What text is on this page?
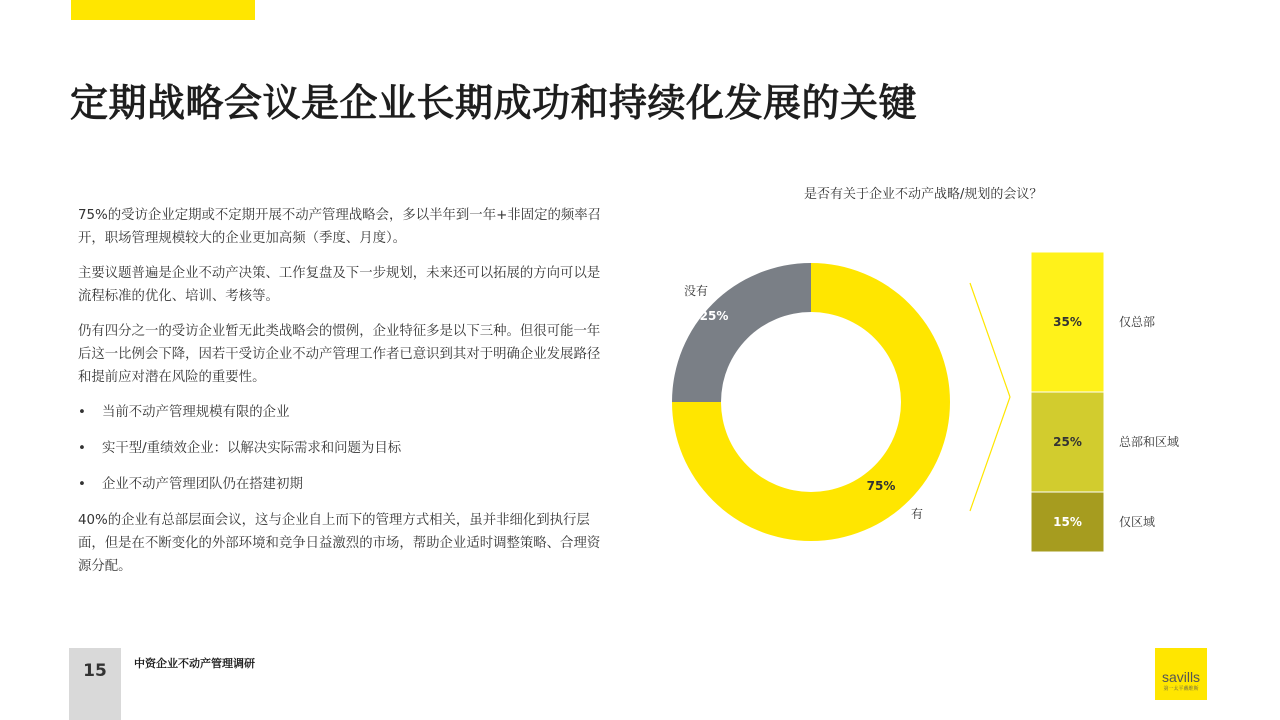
定期战略会议是企业长期成功和持续化发展的关键

75%的受访企业定期或不定期开展不动产管理战略会，多以半年到一年+非固定的频率召开，职场管理规模较大的企业更加高频（季度、月度）。

主要议题普遍是企业不动产决策、工作复盘及下一步规划，未来还可以拓展的方向可以是流程标准的优化、培训、考核等。

仍有四分之一的受访企业暂无此类战略会的惯例，企业特征多是以下三种。但很可能一年后这一比例会下降，因若干受访企业不动产管理工作者已意识到其对于明确企业发展路径和提前应对潜在风险的重要性。

•	当前不动产管理规模有限的企业
•	实干型/重绩效企业：以解决实际需求和问题为目标
•	企业不动产管理团队仍在搭建初期

40%的企业有总部层面会议，这与企业自上而下的管理方式相关，虽并非细化到执行层面，但是在不断变化的外部环境和竞争日益激烈的市场，帮助企业适时调整策略、合理资源分配。

是否有关于企业不动产战略/规划的会议？
75%
有
25%
没有
35%	仅总部
25%	总部和区域
15%	仅区域
15	中资企业不动产管理调研
savills
第一太平戴维斯
